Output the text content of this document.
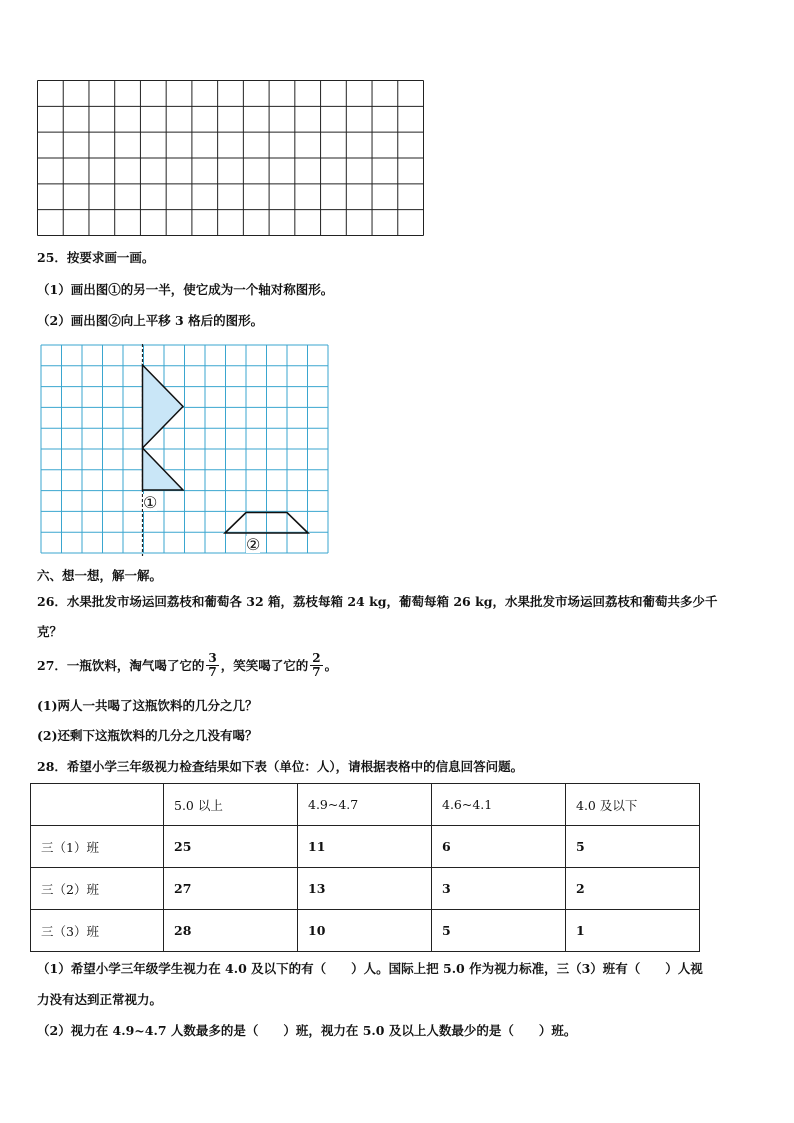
25．按要求画一画。
（1）画出图①的另一半，使它成为一个轴对称图形。
（2）画出图②向上平移 3 格后的图形。
①
②
六、想一想，解一解。
26．水果批发市场运回荔枝和葡萄各 32 箱，荔枝每箱 24 kg，葡萄每箱 26 kg，水果批发市场运回荔枝和葡萄共多少千
克？
27．一瓶饮料，淘气喝了它的 $\frac{3}{7}$ ，笑笑喝了它的 $\frac{2}{7}$ 。
(1)两人一共喝了这瓶饮料的几分之几？
(2)还剩下这瓶饮料的几分之几没有喝？
28．希望小学三年级视力检查结果如下表（单位：人），请根据表格中的信息回答问题。
	5.0 以上	4.9~4.7	4.6~4.1	4.0 及以下
三（1）班	25	11	6	5
三（2）班	27	13	3	2
三（3）班	28	10	5	1
（1）希望小学三年级学生视力在 4.0 及以下的有（　　）人。国际上把 5.0 作为视力标准，三（3）班有（　　）人视
力没有达到正常视力。
（2）视力在 4.9~4.7 人数最多的是（　　）班，视力在 5.0 及以上人数最少的是（　　）班。
